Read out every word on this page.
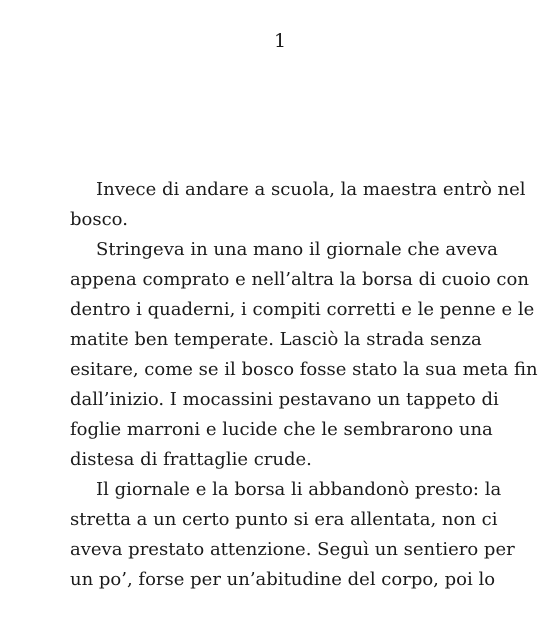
1

Invece di andare a scuola, la maestra entrò nel
bosco.

Stringeva in una mano il giornale che aveva
appena comprato e nell’altra la borsa di cuoio con
dentro i quaderni, i compiti corretti e le penne e le
matite ben temperate. Lasciò la strada senza
esitare, come se il bosco fosse stato la sua meta fin
dall’inizio. I mocassini pestavano un tappeto di
foglie marroni e lucide che le sembrarono una
distesa di frattaglie crude.

Il giornale e la borsa li abbandonò presto: la
stretta a un certo punto si era allentata, non ci
aveva prestato attenzione. Seguì un sentiero per
un po’, forse per un’abitudine del corpo, poi lo
